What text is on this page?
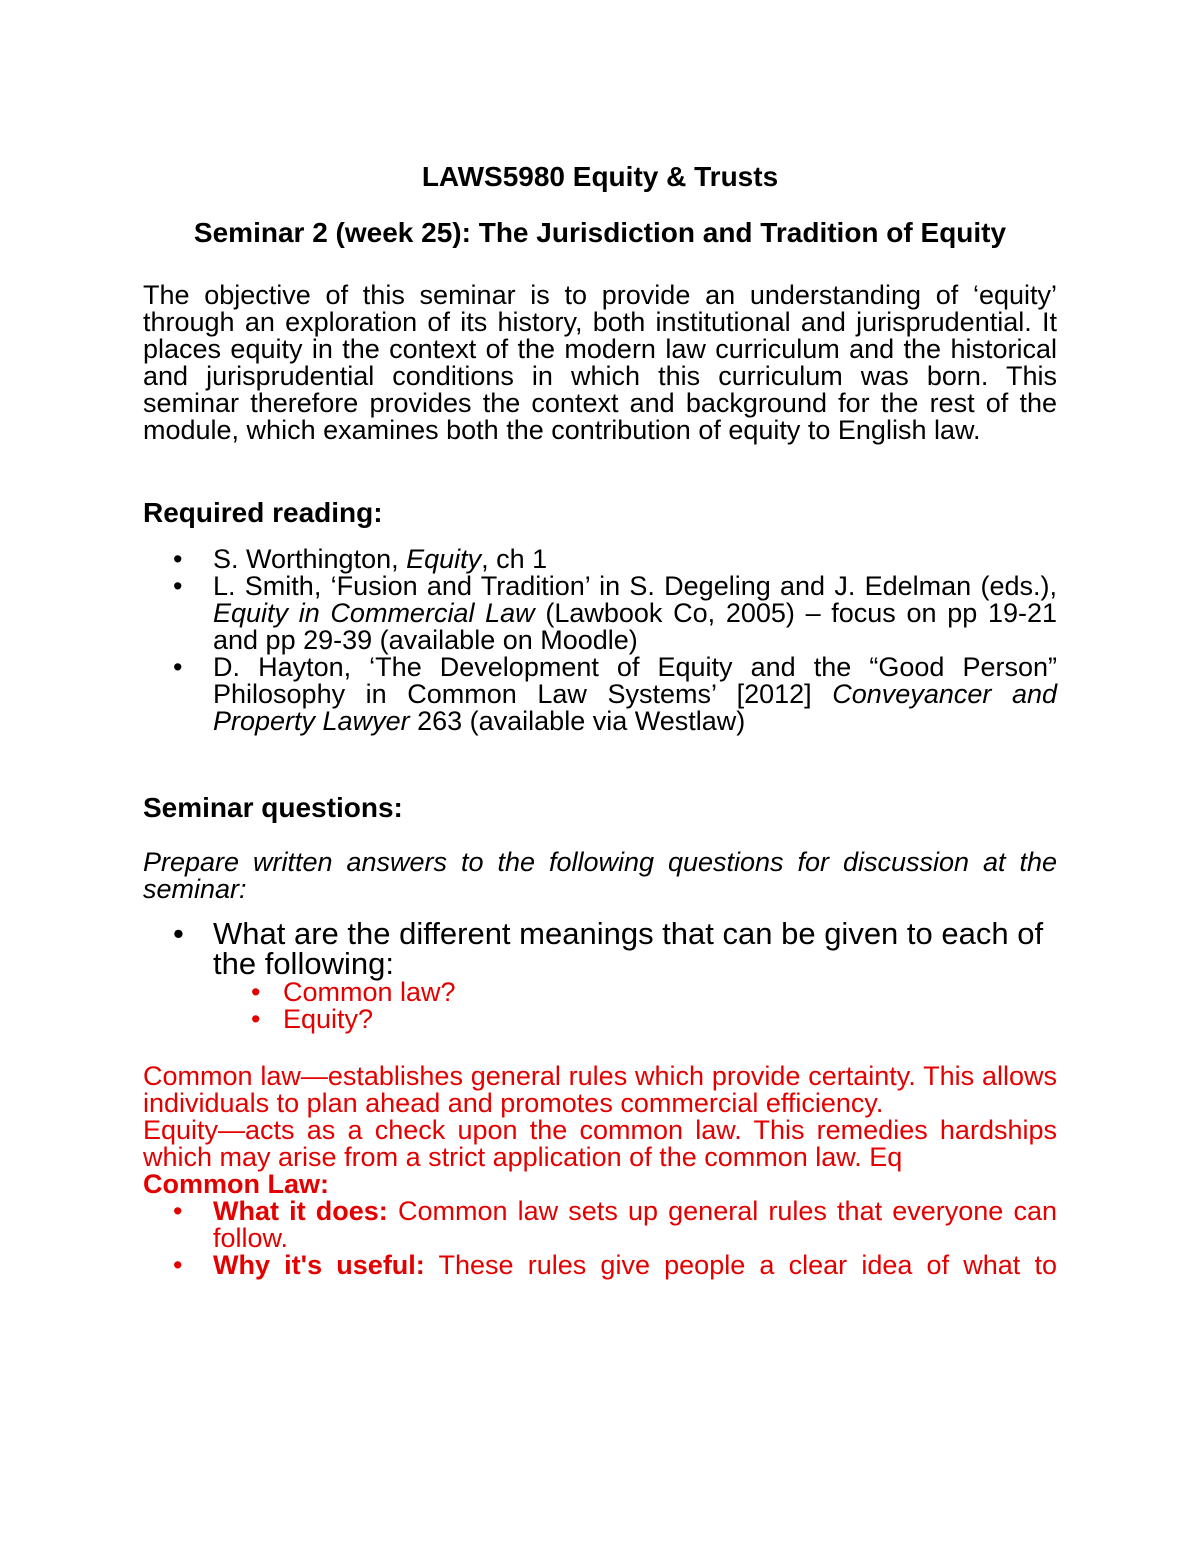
LAWS5980 Equity & Trusts

Seminar 2 (week 25): The Jurisdiction and Tradition of Equity

The objective of this seminar is to provide an understanding of ‘equity’ through an exploration of its history, both institutional and jurisprudential. It places equity in the context of the modern law curriculum and the historical and jurisprudential conditions in which this curriculum was born. This seminar therefore provides the context and background for the rest of the module, which examines both the contribution of equity to English law.

Required reading:

• S. Worthington, Equity, ch 1
• L. Smith, ‘Fusion and Tradition’ in S. Degeling and J. Edelman (eds.), Equity in Commercial Law (Lawbook Co, 2005) – focus on pp 19-21 and pp 29-39 (available on Moodle)
• D. Hayton, ‘The Development of Equity and the “Good Person” Philosophy in Common Law Systems’ [2012] Conveyancer and Property Lawyer 263 (available via Westlaw)

Seminar questions:

Prepare written answers to the following questions for discussion at the seminar:

• What are the different meanings that can be given to each of the following:
• Common law?
• Equity?

Common law—establishes general rules which provide certainty. This allows individuals to plan ahead and promotes commercial efficiency.

Equity—acts as a check upon the common law. This remedies hardships which may arise from a strict application of the common law. Eq

Common Law:

• What it does: Common law sets up general rules that everyone can follow.
• Why it's useful: These rules give people a clear idea of what to
